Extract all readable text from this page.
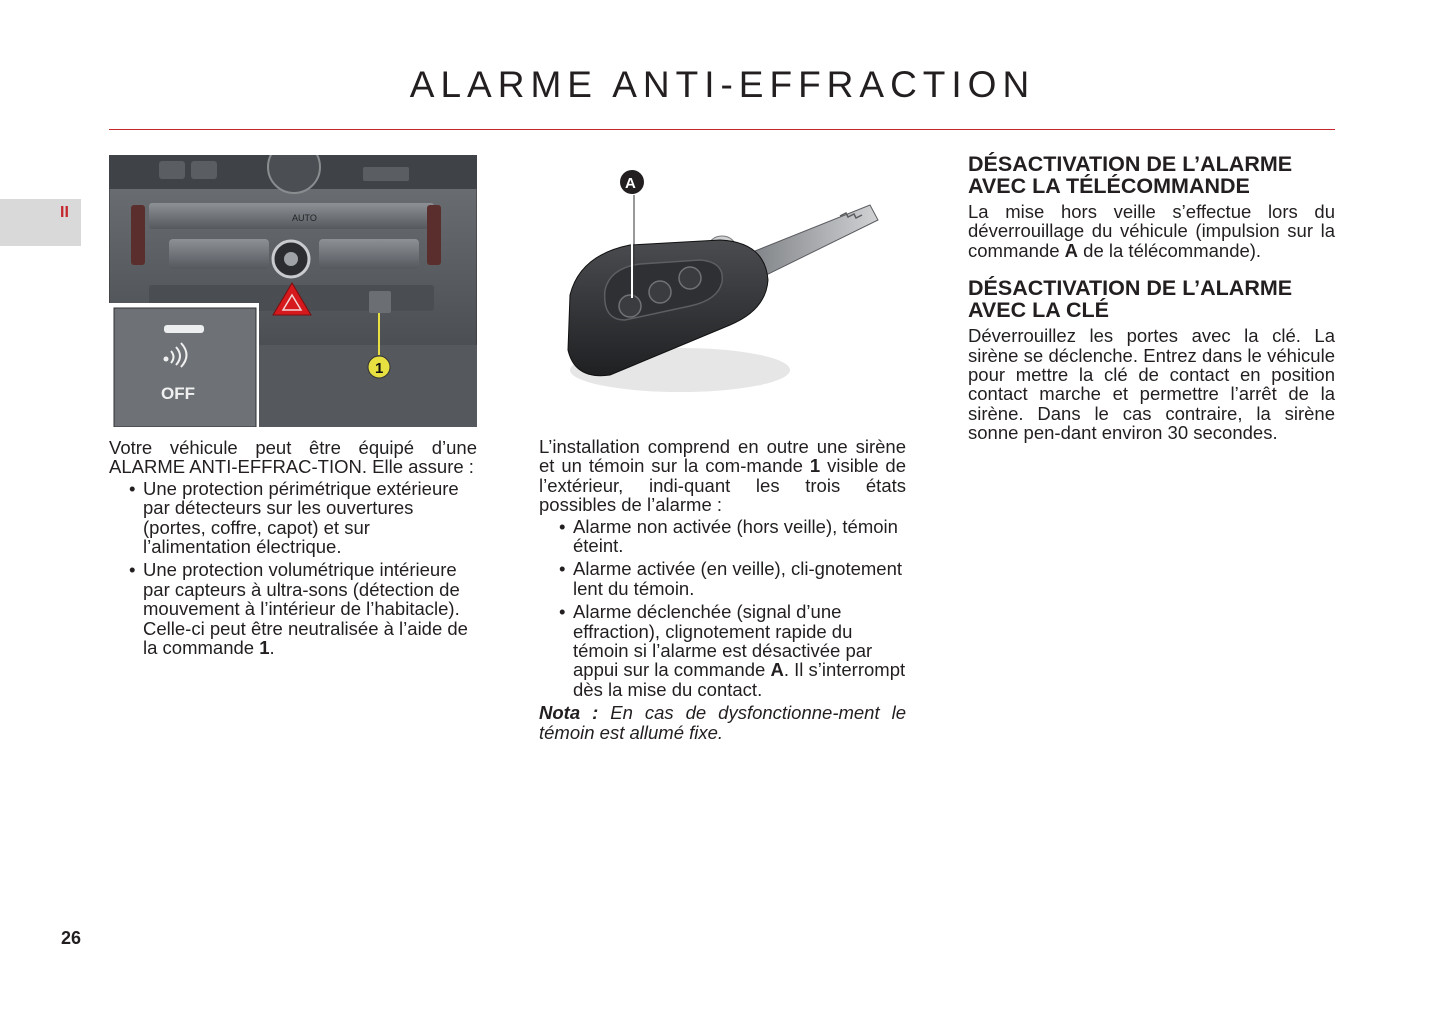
ALARME ANTI-EFFRACTION
II	AUTO
OFF
1
A

Votre véhicule peut être équipé d’une ALARME ANTI-EFFRAC-TION. Elle assure :

• Une protection périmétrique extérieure par détecteurs sur les ouvertures (portes, coffre, capot) et sur l’alimentation électrique.
• Une protection volumétrique intérieure par capteurs à ultra-sons (détection de mouvement à l’intérieur de l’habitacle). Celle-ci peut être neutralisée à l’aide de la commande 1.

L’installation comprend en outre une sirène et un témoin sur la com-mande 1 visible de l’extérieur, indi-quant les trois états possibles de l’alarme :

• Alarme non activée (hors veille), témoin éteint.
• Alarme activée (en veille), cli-gnotement lent du témoin.
• Alarme déclenchée (signal d’une effraction), clignotement rapide du témoin si l’alarme est désactivée par appui sur la commande A. Il s’interrompt dès la mise du contact.

Nota : En cas de dysfonctionne-ment le témoin est allumé fixe.

DÉSACTIVATION DE L’ALARME AVEC LA TÉLÉCOMMANDE

La mise hors veille s’effectue lors du déverrouillage du véhicule (impulsion sur la commande A de la télécommande).

DÉSACTIVATION DE L’ALARME AVEC LA CLÉ

Déverrouillez les portes avec la clé. La sirène se déclenche. Entrez dans le véhicule pour mettre la clé de contact en position contact marche et permettre l’arrêt de la sirène. Dans le cas contraire, la sirène sonne pen-dant environ 30 secondes.

26
